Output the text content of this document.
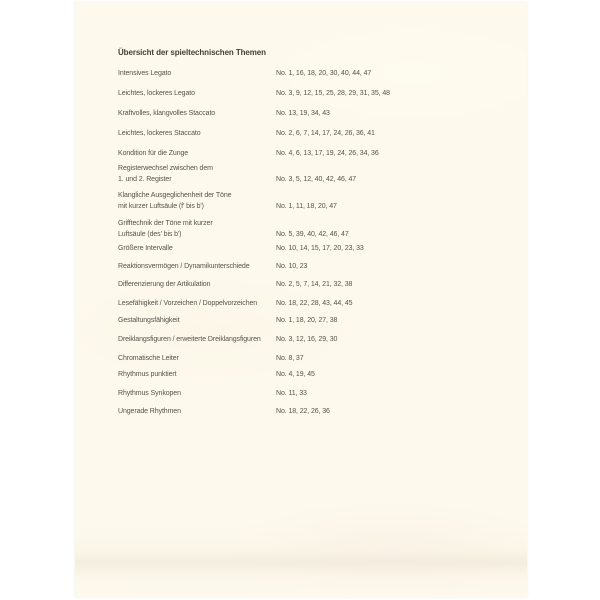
Übersicht der spieltechnischen Themen
Intensives Legato	No. 1, 16, 18, 20, 30, 40, 44, 47
Leichtes, lockeres Legato	No. 3, 9, 12, 15, 25, 28, 29, 31, 35, 48
Kraftvolles, klangvolles Staccato	No. 13, 19, 34, 43
Leichtes, lockeres Staccato	No. 2, 6, 7, 14, 17, 24, 26, 36, 41
Kondition für die Zunge	No. 4, 6, 13, 17, 19, 24, 26, 34, 36
Registerwechsel zwischen dem
1. und 2. Register	No. 3, 5, 12, 40, 42, 46, 47
Klangliche Ausgeglichenheit der Töne
mit kurzer Luftsäule (f' bis b')	No. 1, 11, 18, 20, 47
Grifftechnik der Töne mit kurzer
Luftsäule (des' bis b')	No. 5, 39, 40, 42, 46, 47
Größere Intervalle	No. 10, 14, 15, 17, 20, 23, 33
Reaktionsvermögen / Dynamikunterschiede	No. 10, 23
Differenzierung der Artikulation	No. 2, 5, 7, 14, 21, 32, 38
Lesefähigkeit / Vorzeichen / Doppelvorzeichen	No. 18, 22, 28, 43, 44, 45
Gestaltungsfähigkeit	No. 1, 18, 20, 27, 38
Dreiklangsfiguren / erweiterte Dreiklangsfiguren	No. 3, 12, 16, 29, 30
Chromatische Leiter	No. 8, 37
Rhythmus punktiert	No. 4, 19, 45
Rhythmus Synkopen	No. 11, 33
Ungerade Rhythmen	No. 18, 22, 26, 36
